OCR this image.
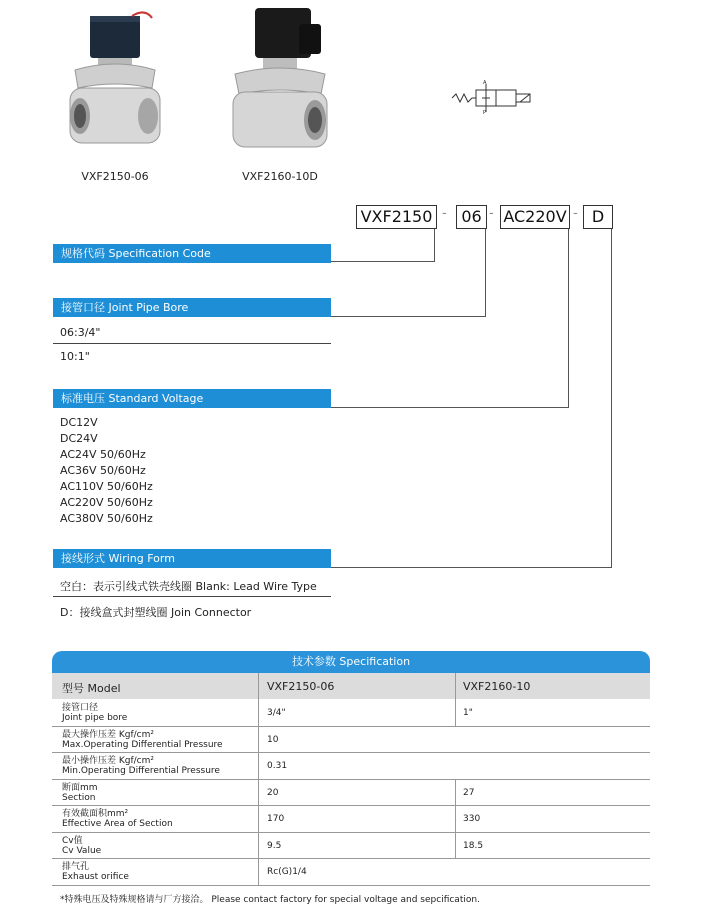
VXF2150-06	VXF2160-10D
A
P
VXF2150 - 06 - AC220V - D
规格代码 Specification Code
接管口径 Joint Pipe Bore
06:3/4"
10:1"
标准电压 Standard Voltage
DC12V
DC24V
AC24V 50/60Hz
AC36V 50/60Hz
AC110V 50/60Hz
AC220V 50/60Hz
AC380V 50/60Hz
接线形式 Wiring Form
空白：表示引线式铁壳线圈 Blank: Lead Wire Type
D：接线盒式封塑线圈 Join Connector
技术参数 Specification
型号 Model	VXF2150-06	VXF2160-10
接管口径
Joint pipe bore	3/4"	1"
最大操作压差 Kgf/cm²
Max.Operating Differential Pressure	10
最小操作压差 Kgf/cm²
Min.Operating Differential Pressure	0.31
断面mm
Section	20	27
有效截面积mm²
Effective Area of Section	170	330
Cv值
Cv Value	9.5	18.5
排气孔
Exhaust orifice	Rc(G)1/4
*特殊电压及特殊规格请与厂方接洽。 Please contact factory for special voltage and sepcification.
